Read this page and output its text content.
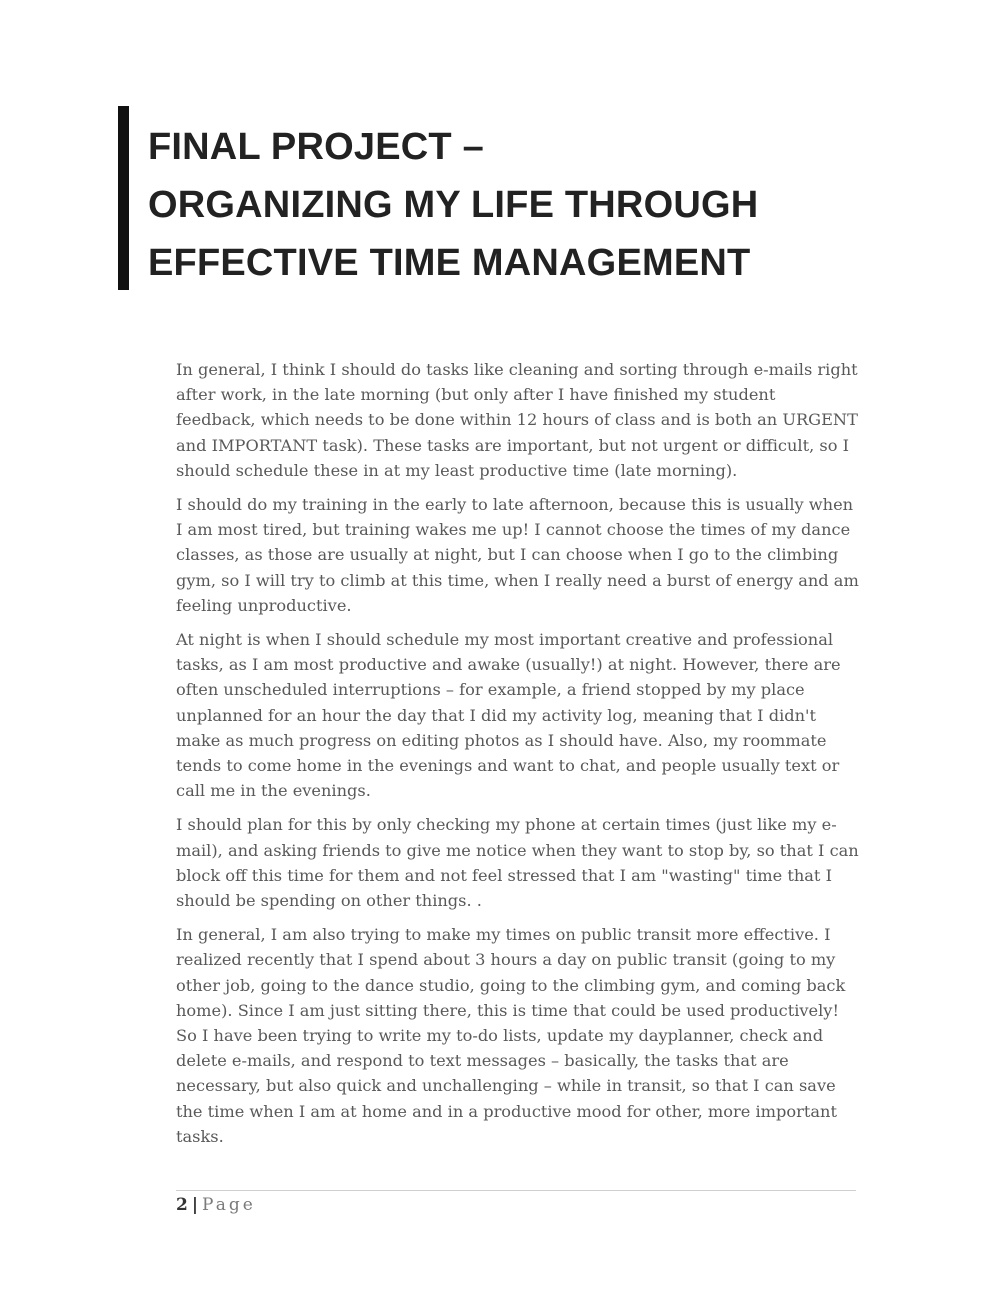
FINAL PROJECT –
ORGANIZING MY LIFE THROUGH
EFFECTIVE TIME MANAGEMENT

In general, I think I should do tasks like cleaning and sorting through e-mails right after work, in the late morning (but only after I have finished my student feedback, which needs to be done within 12 hours of class and is both an URGENT and IMPORTANT task). These tasks are important, but not urgent or difficult, so I should schedule these in at my least productive time (late morning).

I should do my training in the early to late afternoon, because this is usually when I am most tired, but training wakes me up! I cannot choose the times of my dance classes, as those are usually at night, but I can choose when I go to the climbing gym, so I will try to climb at this time, when I really need a burst of energy and am feeling unproductive.

At night is when I should schedule my most important creative and professional tasks, as I am most productive and awake (usually!) at night. However, there are often unscheduled interruptions – for example, a friend stopped by my place unplanned for an hour the day that I did my activity log, meaning that I didn't make as much progress on editing photos as I should have. Also, my roommate tends to come home in the evenings and want to chat, and people usually text or call me in the evenings.

I should plan for this by only checking my phone at certain times (just like my e-mail), and asking friends to give me notice when they want to stop by, so that I can block off this time for them and not feel stressed that I am "wasting" time that I should be spending on other things. .

In general, I am also trying to make my times on public transit more effective. I realized recently that I spend about 3 hours a day on public transit (going to my other job, going to the dance studio, going to the climbing gym, and coming back home). Since I am just sitting there, this is time that could be used productively! So I have been trying to write my to-do lists, update my dayplanner, check and delete e-mails, and respond to text messages – basically, the tasks that are necessary, but also quick and unchallenging – while in transit, so that I can save the time when I am at home and in a productive mood for other, more important tasks.

2 | Page
